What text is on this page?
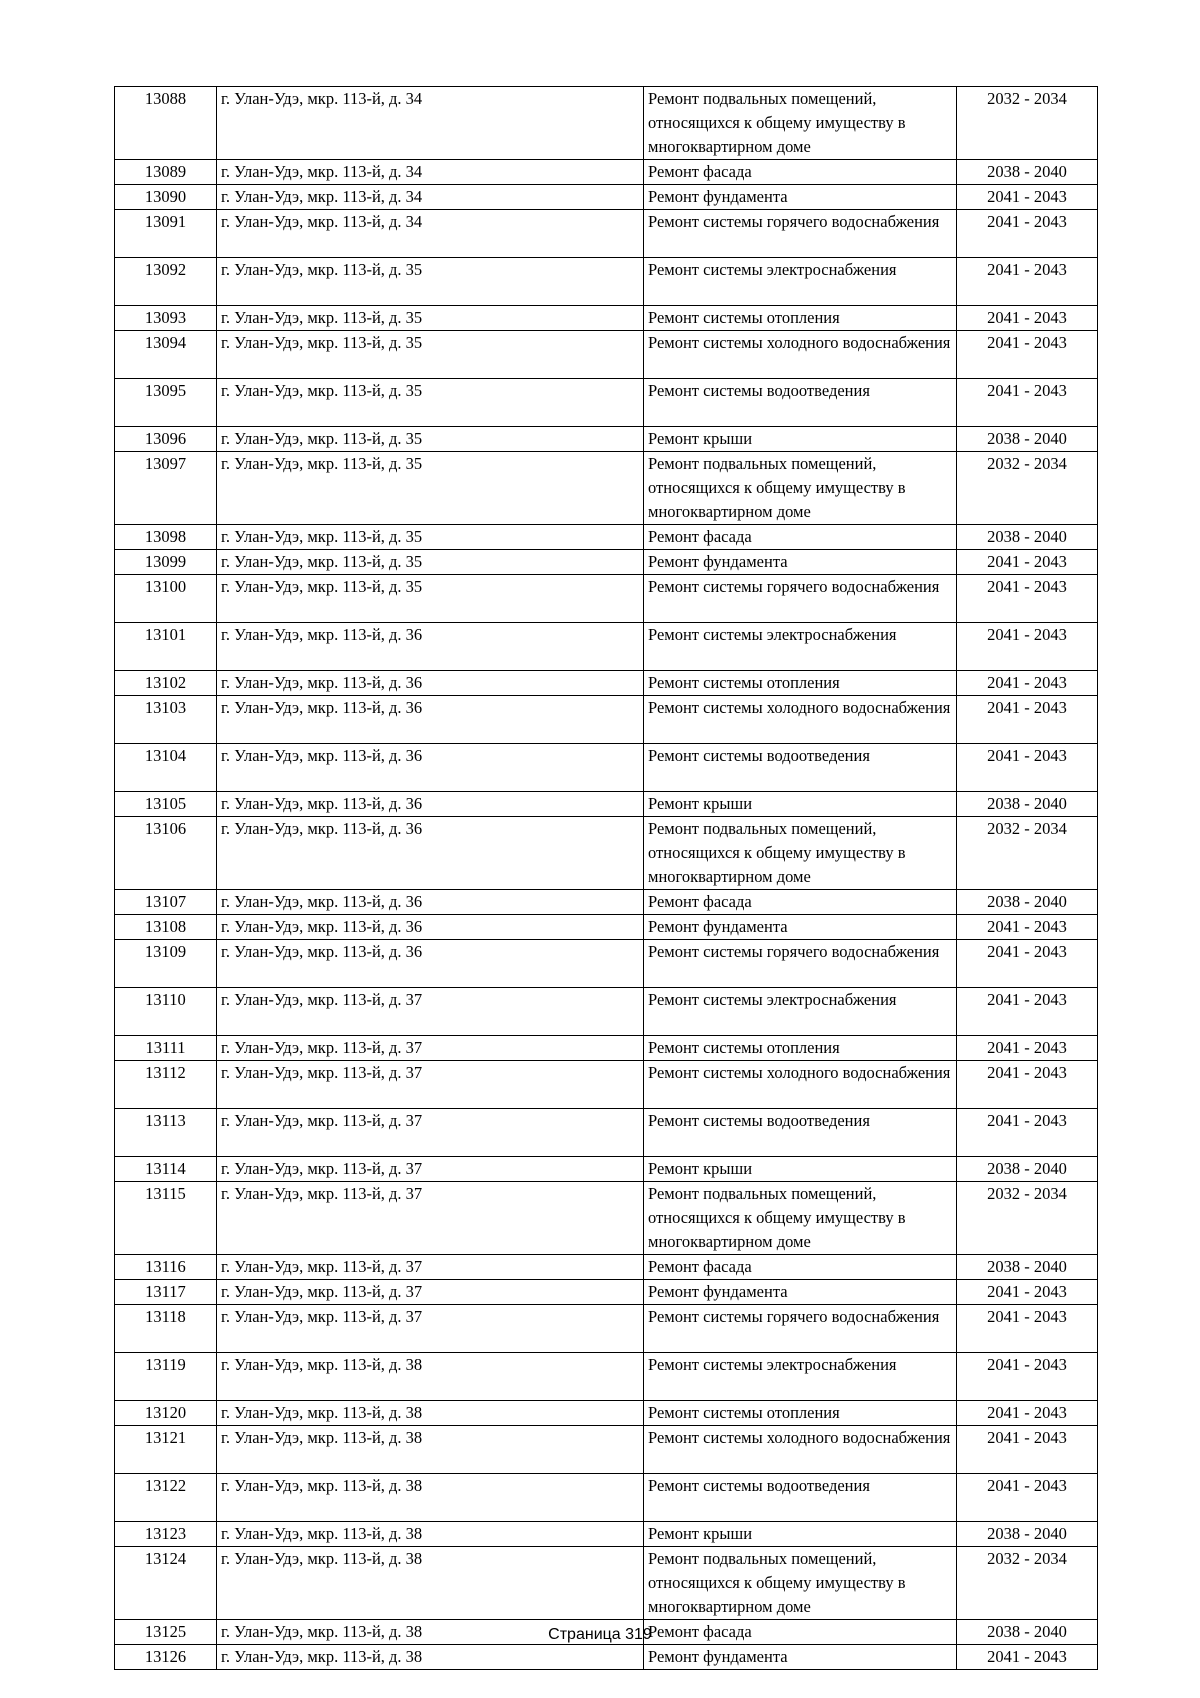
13088	г. Улан-Удэ, мкр. 113-й, д. 34	Ремонт подвальных помещений, относящихся к общему имуществу в многоквартирном доме	2032 - 2034
13089	г. Улан-Удэ, мкр. 113-й, д. 34	Ремонт фасада	2038 - 2040
13090	г. Улан-Удэ, мкр. 113-й, д. 34	Ремонт фундамента	2041 - 2043
13091	г. Улан-Удэ, мкр. 113-й, д. 34	Ремонт системы горячего водоснабжения	2041 - 2043
13092	г. Улан-Удэ, мкр. 113-й, д. 35	Ремонт системы электроснабжения	2041 - 2043
13093	г. Улан-Удэ, мкр. 113-й, д. 35	Ремонт системы отопления	2041 - 2043
13094	г. Улан-Удэ, мкр. 113-й, д. 35	Ремонт системы холодного водоснабжения	2041 - 2043
13095	г. Улан-Удэ, мкр. 113-й, д. 35	Ремонт системы водоотведения	2041 - 2043
13096	г. Улан-Удэ, мкр. 113-й, д. 35	Ремонт крыши	2038 - 2040
13097	г. Улан-Удэ, мкр. 113-й, д. 35	Ремонт подвальных помещений, относящихся к общему имуществу в многоквартирном доме	2032 - 2034
13098	г. Улан-Удэ, мкр. 113-й, д. 35	Ремонт фасада	2038 - 2040
13099	г. Улан-Удэ, мкр. 113-й, д. 35	Ремонт фундамента	2041 - 2043
13100	г. Улан-Удэ, мкр. 113-й, д. 35	Ремонт системы горячего водоснабжения	2041 - 2043
13101	г. Улан-Удэ, мкр. 113-й, д. 36	Ремонт системы электроснабжения	2041 - 2043
13102	г. Улан-Удэ, мкр. 113-й, д. 36	Ремонт системы отопления	2041 - 2043
13103	г. Улан-Удэ, мкр. 113-й, д. 36	Ремонт системы холодного водоснабжения	2041 - 2043
13104	г. Улан-Удэ, мкр. 113-й, д. 36	Ремонт системы водоотведения	2041 - 2043
13105	г. Улан-Удэ, мкр. 113-й, д. 36	Ремонт крыши	2038 - 2040
13106	г. Улан-Удэ, мкр. 113-й, д. 36	Ремонт подвальных помещений, относящихся к общему имуществу в многоквартирном доме	2032 - 2034
13107	г. Улан-Удэ, мкр. 113-й, д. 36	Ремонт фасада	2038 - 2040
13108	г. Улан-Удэ, мкр. 113-й, д. 36	Ремонт фундамента	2041 - 2043
13109	г. Улан-Удэ, мкр. 113-й, д. 36	Ремонт системы горячего водоснабжения	2041 - 2043
13110	г. Улан-Удэ, мкр. 113-й, д. 37	Ремонт системы электроснабжения	2041 - 2043
13111	г. Улан-Удэ, мкр. 113-й, д. 37	Ремонт системы отопления	2041 - 2043
13112	г. Улан-Удэ, мкр. 113-й, д. 37	Ремонт системы холодного водоснабжения	2041 - 2043
13113	г. Улан-Удэ, мкр. 113-й, д. 37	Ремонт системы водоотведения	2041 - 2043
13114	г. Улан-Удэ, мкр. 113-й, д. 37	Ремонт крыши	2038 - 2040
13115	г. Улан-Удэ, мкр. 113-й, д. 37	Ремонт подвальных помещений, относящихся к общему имуществу в многоквартирном доме	2032 - 2034
13116	г. Улан-Удэ, мкр. 113-й, д. 37	Ремонт фасада	2038 - 2040
13117	г. Улан-Удэ, мкр. 113-й, д. 37	Ремонт фундамента	2041 - 2043
13118	г. Улан-Удэ, мкр. 113-й, д. 37	Ремонт системы горячего водоснабжения	2041 - 2043
13119	г. Улан-Удэ, мкр. 113-й, д. 38	Ремонт системы электроснабжения	2041 - 2043
13120	г. Улан-Удэ, мкр. 113-й, д. 38	Ремонт системы отопления	2041 - 2043
13121	г. Улан-Удэ, мкр. 113-й, д. 38	Ремонт системы холодного водоснабжения	2041 - 2043
13122	г. Улан-Удэ, мкр. 113-й, д. 38	Ремонт системы водоотведения	2041 - 2043
13123	г. Улан-Удэ, мкр. 113-й, д. 38	Ремонт крыши	2038 - 2040
13124	г. Улан-Удэ, мкр. 113-й, д. 38	Ремонт подвальных помещений, относящихся к общему имуществу в многоквартирном доме	2032 - 2034
13125	г. Улан-Удэ, мкр. 113-й, д. 38	Ремонт фасада	2038 - 2040
13126	г. Улан-Удэ, мкр. 113-й, д. 38	Ремонт фундамента	2041 - 2043
Страница 319
